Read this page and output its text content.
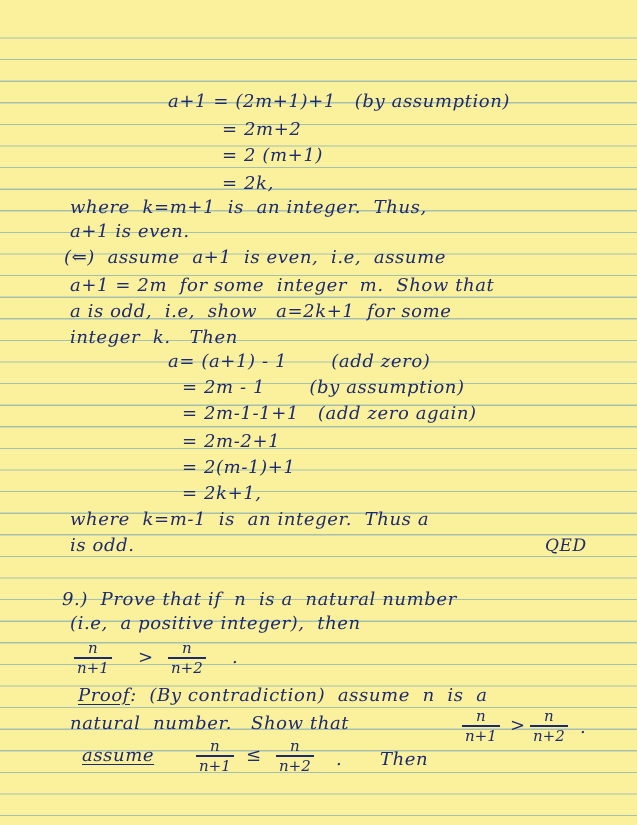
a+1 = (2m+1)+1   (by assumption)
= 2m+2
= 2 (m+1)
= 2k,
where  k=m+1  is  an integer.  Thus,
a+1 is even.
(⇐)  assume  a+1  is even,  i.e,  assume
a+1 = 2m  for some  integer  m.  Show that
a is odd,  i.e,  show   a=2k+1  for some
integer  k.   Then
a= (a+1) - 1       (add zero)
= 2m - 1       (by assumption)
= 2m-1-1+1   (add zero again)
= 2m-2+1
= 2(m-1)+1
= 2k+1,
where  k=m-1  is  an integer.  Thus a
is odd.	QED
9.)  Prove that if  n  is a  natural number
(i.e,  a positive integer),  then
n
n+1 > n
n+2 .
Proof:  (By contradiction)  assume  n  is  a
natural  number.   Show that	n
n+1 > n
n+2 .
assume	n
n+1 ≤ n
n+2 . Then
